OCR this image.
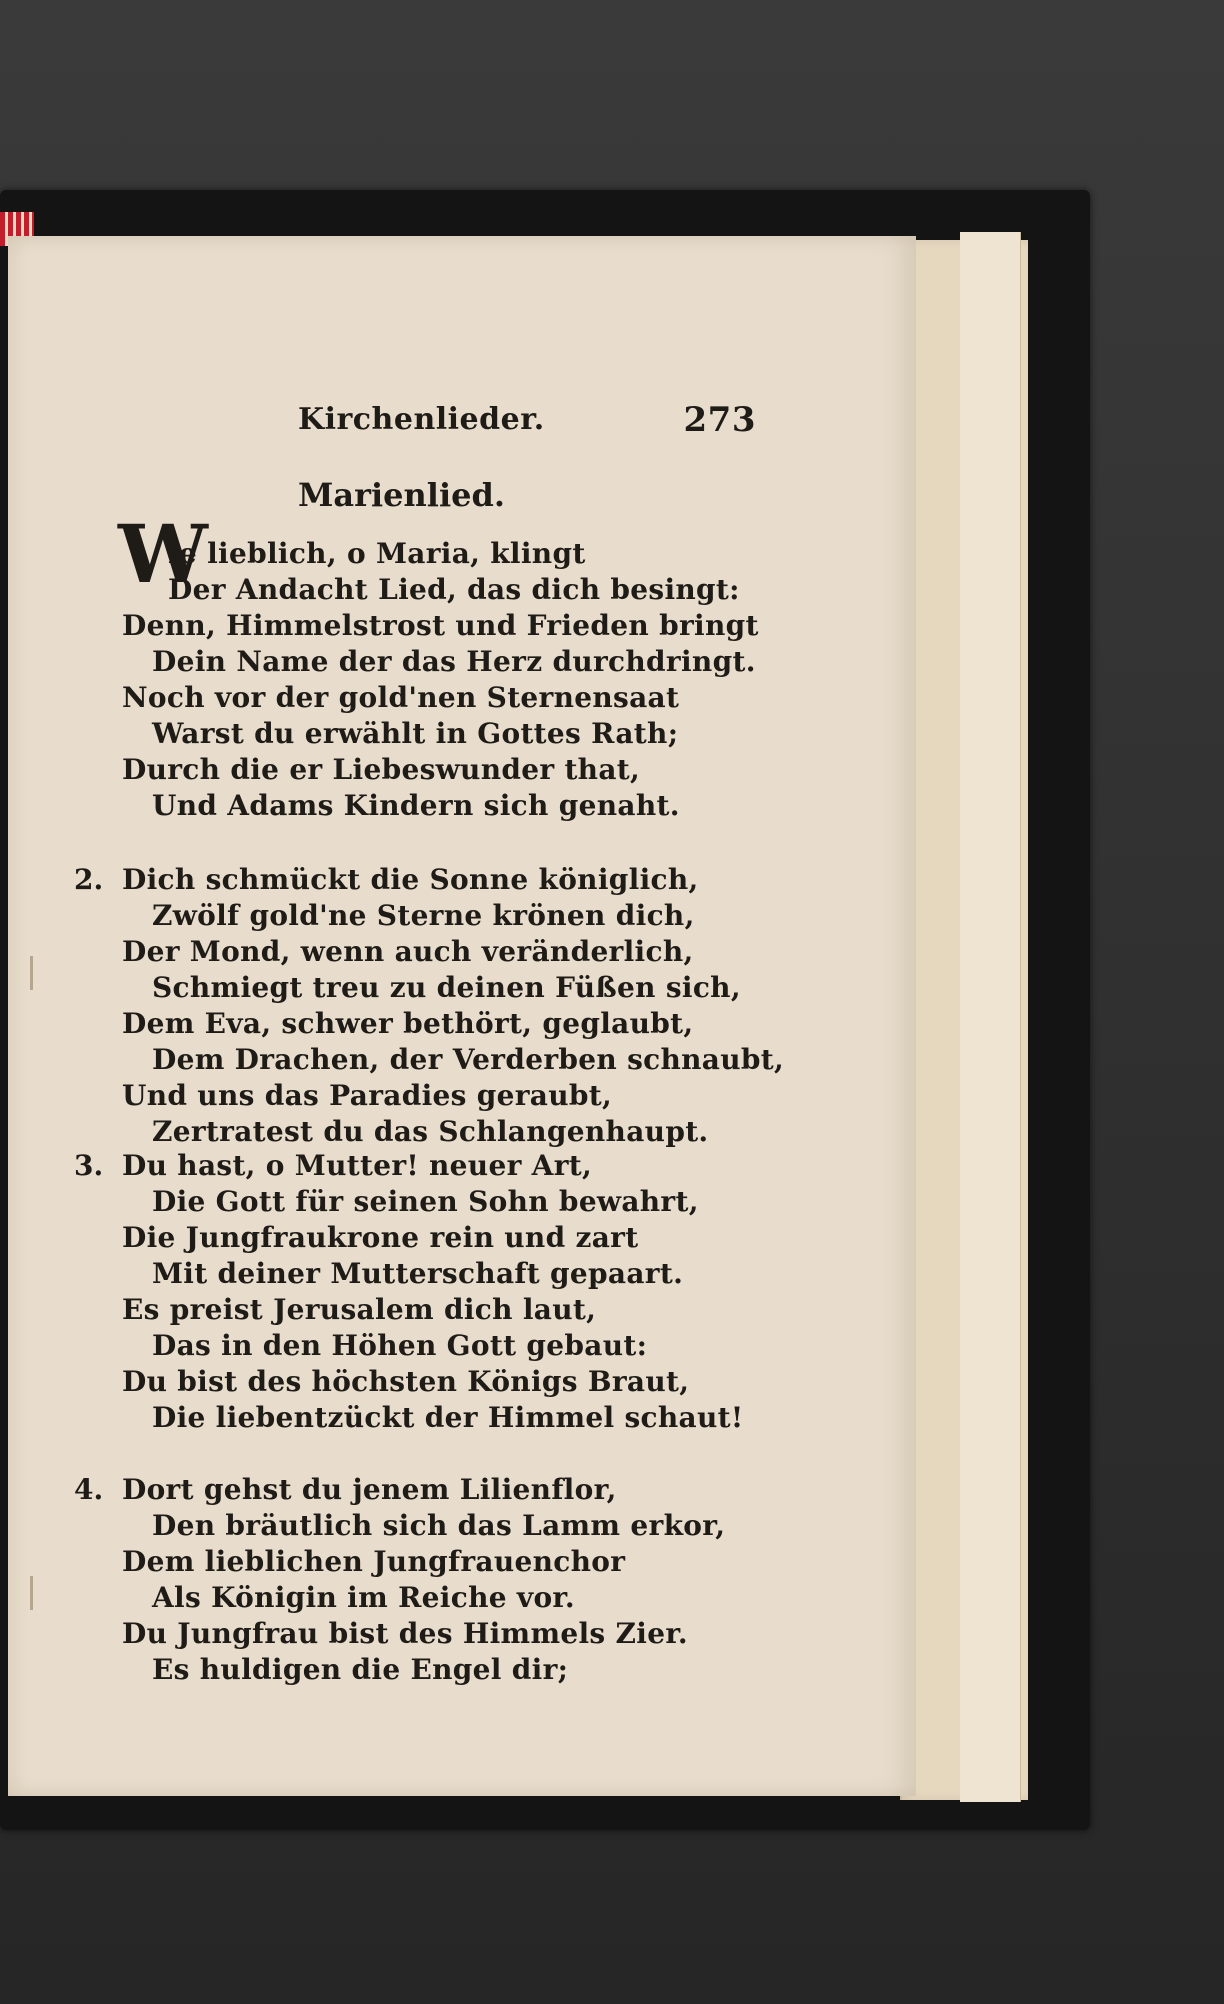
Kirchenlieder.	273
Marienlied.
W
ie lieblich, o Maria, klingt
Der Andacht Lied, das dich besingt:
Denn, Himmelstrost und Frieden bringt
Dein Name der das Herz durchdringt.
Noch vor der gold'nen Sternensaat
Warst du erwählt in Gottes Rath;
Durch die er Liebeswunder that,
Und Adams Kindern sich genaht.
2. Dich schmückt die Sonne königlich,
Zwölf gold'ne Sterne krönen dich,
Der Mond, wenn auch veränderlich,
Schmiegt treu zu deinen Füßen sich,
Dem Eva, schwer bethört, geglaubt,
Dem Drachen, der Verderben schnaubt,
Und uns das Paradies geraubt,
Zertratest du das Schlangenhaupt.
3. Du hast, o Mutter! neuer Art,
Die Gott für seinen Sohn bewahrt,
Die Jungfraukrone rein und zart
Mit deiner Mutterschaft gepaart.
Es preist Jerusalem dich laut,
Das in den Höhen Gott gebaut:
Du bist des höchsten Königs Braut,
Die liebentzückt der Himmel schaut!
4. Dort gehst du jenem Lilienflor,
Den bräutlich sich das Lamm erkor,
Dem lieblichen Jungfrauenchor
Als Königin im Reiche vor.
Du Jungfrau bist des Himmels Zier.
Es huldigen die Engel dir;
